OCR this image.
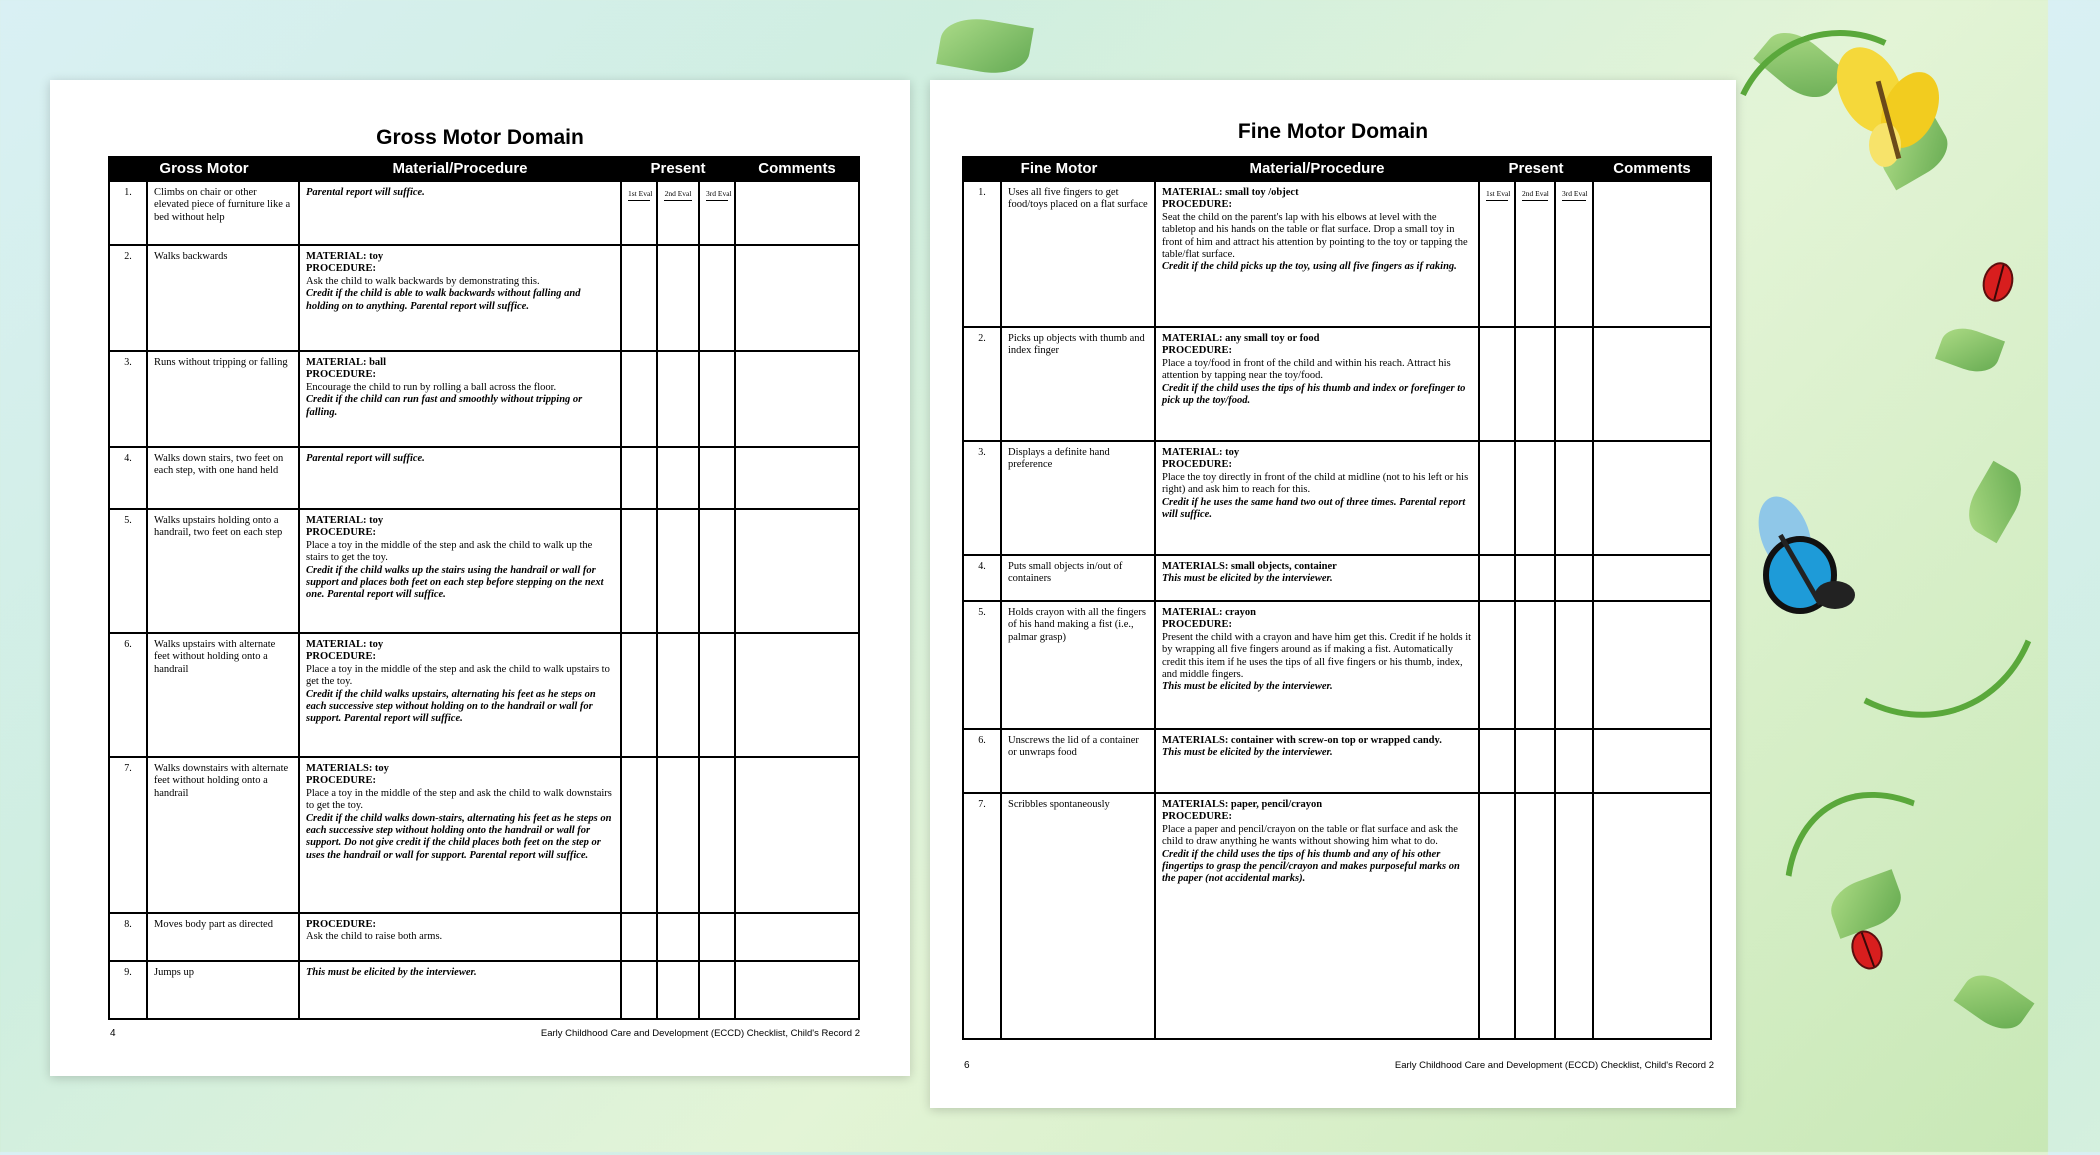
Gross Motor Domain
Gross Motor		Material/Procedure	Present			Comments
1.	Climbs on chair or other elevated piece of furniture like a bed without help	Parental report will suffice.	1st Eval	2nd Eval	3rd Eval	

2.	Walks backwards	MATERIAL: toy
PROCEDURE:
Ask the child to walk backwards by demonstrating this.
Credit if the child is able to walk backwards without falling and holding on to anything. Parental report will suffice.				

3.	Runs without tripping or falling	MATERIAL: ball
PROCEDURE:
Encourage the child to run by rolling a ball across the floor.
Credit if the child can run fast and smoothly without tripping or falling.				

4.	Walks down stairs, two feet on each step, with one hand held	Parental report will suffice.				

5.	Walks upstairs holding onto a handrail, two feet on each step	MATERIAL: toy
PROCEDURE:
Place a toy in the middle of the step and ask the child to walk up the stairs to get the toy.
Credit if the child walks up the stairs using the handrail or wall for support and places both feet on each step before stepping on the next one. Parental report will suffice.				

6.	Walks upstairs with alternate feet without holding onto a handrail	MATERIAL: toy
PROCEDURE:
Place a toy in the middle of the step and ask the child to walk upstairs to get the toy.
Credit if the child walks upstairs, alternating his feet as he steps on each successive step without holding on to the handrail or wall for support. Parental report will suffice.				

7.	Walks downstairs with alternate feet without holding onto a handrail	MATERIALS: toy
PROCEDURE:
Place a toy in the middle of the step and ask the child to walk downstairs to get the toy.
Credit if the child walks down-stairs, alternating his feet as he steps on each successive step without holding onto the handrail or wall for support. Do not give credit if the child places both feet on the step or uses the handrail or wall for support. Parental report will suffice.				

8.	Moves body part as directed	PROCEDURE:
Ask the child to raise both arms.				

9.	Jumps up	This must be elicited by the interviewer.				

4	Early Childhood Care and Development (ECCD) Checklist, Child's Record 2
Fine Motor Domain
Fine Motor		Material/Procedure	Present			Comments
1.	Uses all five fingers to get food/toys placed on a flat surface	MATERIAL: small toy /object
PROCEDURE:
Seat the child on the parent's lap with his elbows at level with the tabletop and his hands on the table or flat surface. Drop a small toy in front of him and attract his attention by pointing to the toy or tapping the table/flat surface.
Credit if the child picks up the toy, using all five fingers as if raking.	1st Eval	2nd Eval	3rd Eval	

2.	Picks up objects with thumb and index finger	MATERIAL: any small toy or food
PROCEDURE:
Place a toy/food in front of the child and within his reach. Attract his attention by tapping near the toy/food.
Credit if the child uses the tips of his thumb and index or forefinger to pick up the toy/food.				

3.	Displays a definite hand preference	MATERIAL: toy
PROCEDURE:
Place the toy directly in front of the child at midline (not to his left or his right) and ask him to reach for this.
Credit if he uses the same hand two out of three times. Parental report will suffice.				

4.	Puts small objects in/out of containers	MATERIALS: small objects, container
This must be elicited by the interviewer.				

5.	Holds crayon with all the fingers of his hand making a fist (i.e., palmar grasp)	MATERIAL: crayon
PROCEDURE:
Present the child with a crayon and have him get this. Credit if he holds it by wrapping all five fingers around as if making a fist. Automatically credit this item if he uses the tips of all five fingers or his thumb, index, and middle fingers.
This must be elicited by the interviewer.				

6.	Unscrews the lid of a container or unwraps food	MATERIALS: container with screw-on top or wrapped candy.
This must be elicited by the interviewer.				

7.	Scribbles spontaneously	MATERIALS: paper, pencil/crayon
PROCEDURE:
Place a paper and pencil/crayon on the table or flat surface and ask the child to draw anything he wants without showing him what to do.
Credit if the child uses the tips of his thumb and any of his other fingertips to grasp the pencil/crayon and makes purposeful marks on the paper (not accidental marks).				

6	Early Childhood Care and Development (ECCD) Checklist, Child's Record 2
